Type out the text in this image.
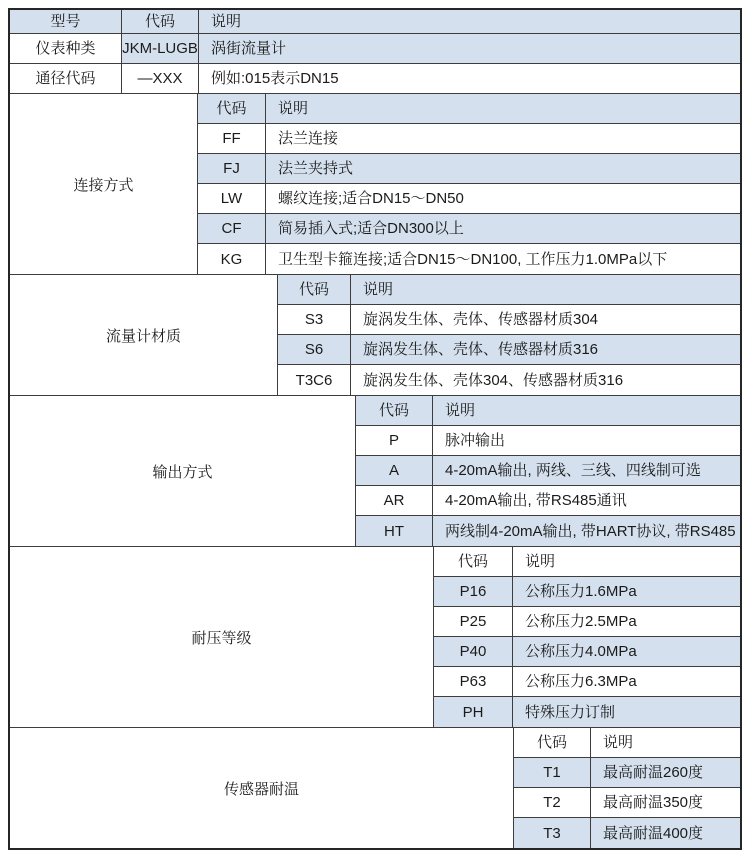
型号	代码	说明
仪表种类	JKM-LUGB 涡街流量计
通径代码	—XXX	例如:015表示DN15
连接方式
代码	说明
FF	法兰连接
FJ	法兰夹持式
LW	螺纹连接;适合DN15～DN50
CF	简易插入式;适合DN300以上
KG	卫生型卡箍连接;适合DN15～DN100, 工作压力1.0MPa以下
流量计材质
代码	说明
S3	旋涡发生体、壳体、传感器材质304
S6	旋涡发生体、壳体、传感器材质316
T3C6	旋涡发生体、壳体304、传感器材质316
输出方式
代码	说明
P	脉冲输出
A	4-20mA输出, 两线、三线、四线制可选
AR	4-20mA输出, 带RS485通讯
HT	两线制4-20mA输出, 带HART协议, 带RS485
耐压等级
代码	说明
P16	公称压力1.6MPa
P25	公称压力2.5MPa
P40	公称压力4.0MPa
P63	公称压力6.3MPa
PH	特殊压力订制
传感器耐温
代码	说明
T1	最高耐温260度
T2	最高耐温350度
T3	最高耐温400度
